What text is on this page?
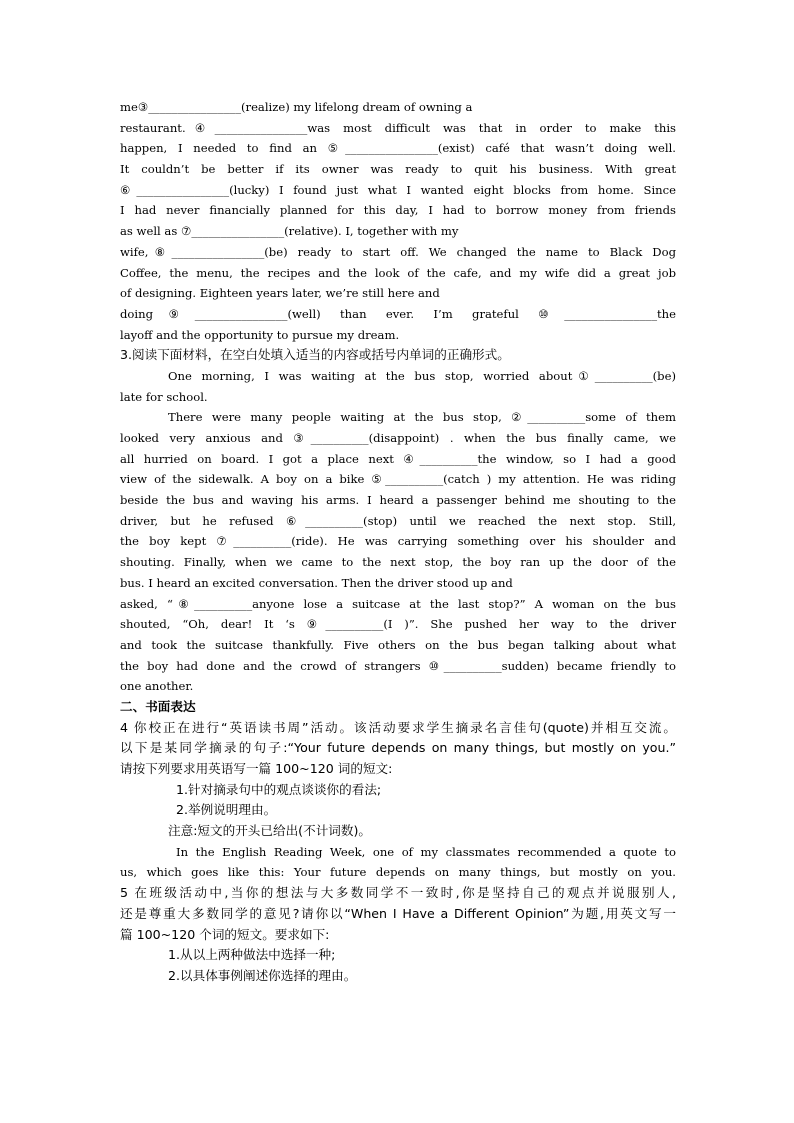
me③________________(realize) my lifelong dream of owning a
restaurant.④________________was most difficult was that in order to make this
happen, I needed to find an ⑤________________(exist) café that wasn’t doing well.
It couldn’t be better if its owner was ready to quit his business. With great
⑥________________(lucky) I found just what I wanted eight blocks from home. Since
I had never financially planned for this day, I had to borrow money from friends
as well as ⑦________________(relative). I, together with my
wife,⑧________________(be) ready to start off. We changed the name to Black Dog
Coffee, the menu, the recipes and the look of the cafe, and my wife did a great job
of designing. Eighteen years later, we’re still here and
doing⑨________________(well) than ever. I’m grateful ⑩________________the
layoff and the opportunity to pursue my dream.
3.阅读下面材料，在空白处填入适当的内容或括号内单词的正确形式。
One morning, I was waiting at the bus stop, worried about①__________(be)
late for school.
There were many people waiting at the bus stop, ②__________some of them
looked very anxious and ③__________(disappoint) . when the bus finally came, we
all hurried on board. I got a place next ④__________the window, so I had a good
view of the sidewalk. A boy on a bike ⑤__________(catch ) my attention. He was riding
beside the bus and waving his arms. I heard a passenger behind me shouting to the
driver, but he refused ⑥__________(stop) until we reached the next stop. Still,
the boy kept ⑦__________(ride). He was carrying something over his shoulder and
shouting. Finally, when we came to the next stop, the boy ran up the door of the
bus. I heard an excited conversation. Then the driver stood up and
asked, “⑧__________anyone lose a suitcase at the last stop?” A woman on the bus
shouted, “Oh, dear! It ‘s ⑨__________(I )”. She pushed her way to the driver
and took the suitcase thankfully. Five others on the bus began talking about what
the boy had done and the crowd of strangers ⑩__________sudden) became friendly to
one another.
二、书面表达
4 你校正在进行“英语读书周”活动。该活动要求学生摘录名言佳句(quote)并相互交流。
以下是某同学摘录的句子:“Your future depends on many things, but mostly on you.”
请按下列要求用英语写一篇 100~120 词的短文:
1.针对摘录句中的观点谈谈你的看法;
2.举例说明理由。
注意:短文的开头已给出(不计词数)。
In the English Reading Week, one of my classmates recommended a quote to
us, which goes like this: Your future depends on many things, but mostly on you.
5 在班级活动中,当你的想法与大多数同学不一致时,你是坚持自己的观点并说服别人,
还是尊重大多数同学的意见?请你以“When I Have a Different Opinion”为题,用英文写一
篇 100~120 个词的短文。要求如下:
1.从以上两种做法中选择一种;
2.以具体事例阐述你选择的理由。
